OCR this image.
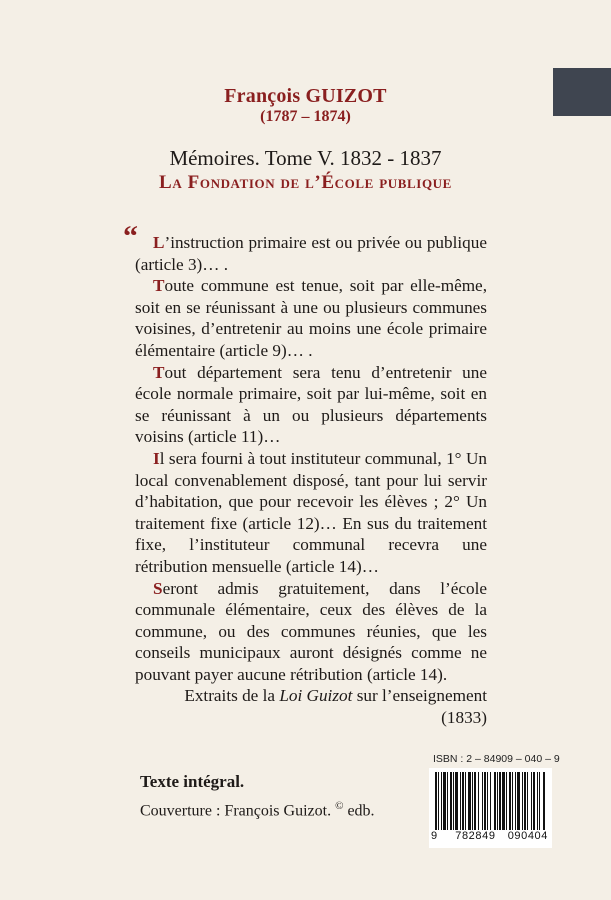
François GUIZOT
(1787 – 1874)
Mémoires. Tome V. 1832 - 1837
La Fondation de l’École publique
“ L’instruction primaire est ou privée ou publique (article 3)… .

Toute commune est tenue, soit par elle-même, soit en se réunissant à une ou plusieurs communes voisines, d’entretenir au moins une école primaire élémentaire (article 9)… .

Tout département sera tenu d’entretenir une école normale primaire, soit par lui-même, soit en se réunissant à un ou plusieurs départements voisins (article 11)…

Il sera fourni à tout instituteur communal, 1° Un local convenablement disposé, tant pour lui servir d’habitation, que pour recevoir les élèves ; 2° Un traitement fixe (article 12)… En sus du traitement fixe, l’instituteur communal recevra une rétribution mensuelle (article 14)…

Seront admis gratuitement, dans l’école communale élémentaire, ceux des élèves de la commune, ou des communes réunies, que les conseils municipaux auront désignés comme ne pouvant payer aucune rétribution (article 14).

Extraits de la Loi Guizot sur l’enseignement (1833)

ISBN : 2 – 84909 – 040 – 9
Texte intégral.
Couverture : François Guizot. © edb.
9 782849 090404
